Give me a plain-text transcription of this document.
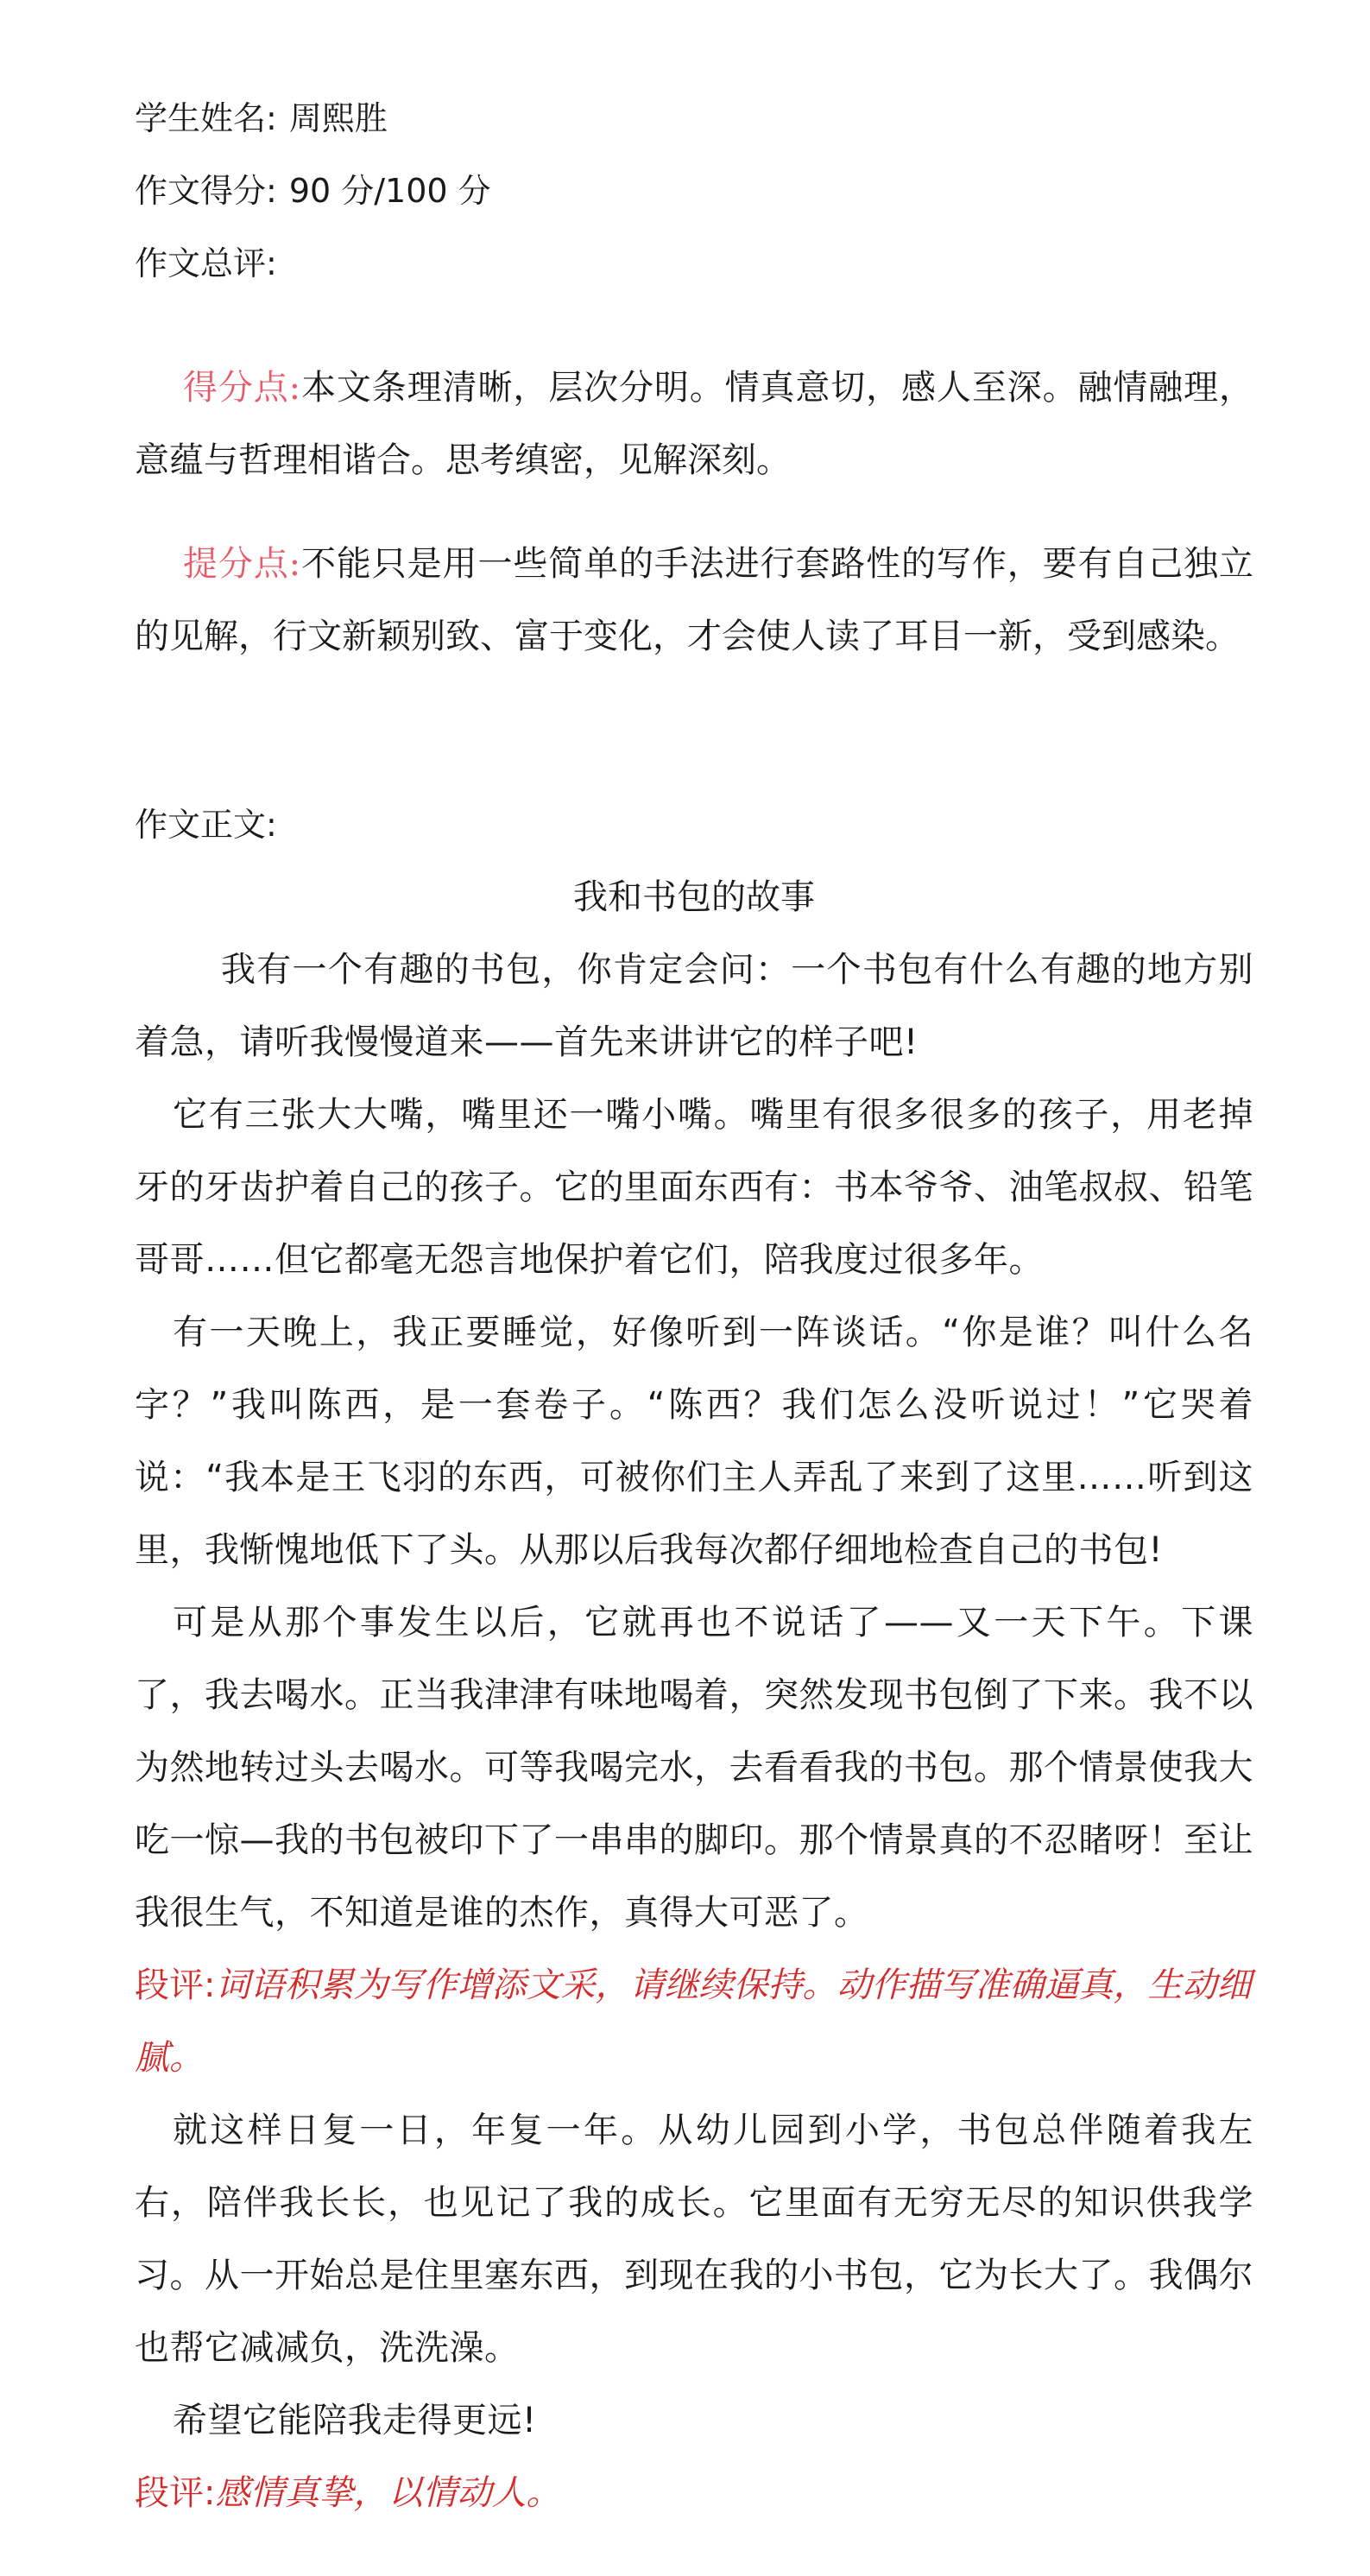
学生姓名: 周熙胜
作文得分: 90 分/100 分
作文总评:
得分点:本文条理清晰，层次分明。情真意切，感人至深。融情融理，意蕴与哲理相谐合。思考缜密，见解深刻。
提分点:不能只是用一些简单的手法进行套路性的写作，要有自己独立的见解，行文新颖别致、富于变化，才会使人读了耳目一新，受到感染。
作文正文:
我和书包的故事

我有一个有趣的书包，你肯定会问：一个书包有什么有趣的地方别着急，请听我慢慢道来——首先来讲讲它的样子吧!

它有三张大大嘴，嘴里还一嘴小嘴。嘴里有很多很多的孩子，用老掉牙的牙齿护着自己的孩子。它的里面东西有：书本爷爷、油笔叔叔、铅笔哥哥……但它都毫无怨言地保护着它们，陪我度过很多年。

有一天晚上，我正要睡觉，好像听到一阵谈话。“你是谁？叫什么名字？”我叫陈西，是一套卷子。“陈西？我们怎么没听说过！”它哭着说：“我本是王飞羽的东西，可被你们主人弄乱了来到了这里……听到这里，我惭愧地低下了头。从那以后我每次都仔细地检查自己的书包!

可是从那个事发生以后，它就再也不说话了——又一天下午。下课了，我去喝水。正当我津津有味地喝着，突然发现书包倒了下来。我不以为然地转过头去喝水。可等我喝完水，去看看我的书包。那个情景使我大吃一惊—我的书包被印下了一串串的脚印。那个情景真的不忍睹呀！至让我很生气，不知道是谁的杰作，真得大可恶了。

段评:词语积累为写作增添文采，请继续保持。动作描写准确逼真，生动细腻。

就这样日复一日，年复一年。从幼儿园到小学，书包总伴随着我左右，陪伴我长长，也见记了我的成长。它里面有无穷无尽的知识供我学习。从一开始总是住里塞东西，到现在我的小书包，它为长大了。我偶尔也帮它减减负，洗洗澡。

希望它能陪我走得更远!

段评:感情真挚，以情动人。
